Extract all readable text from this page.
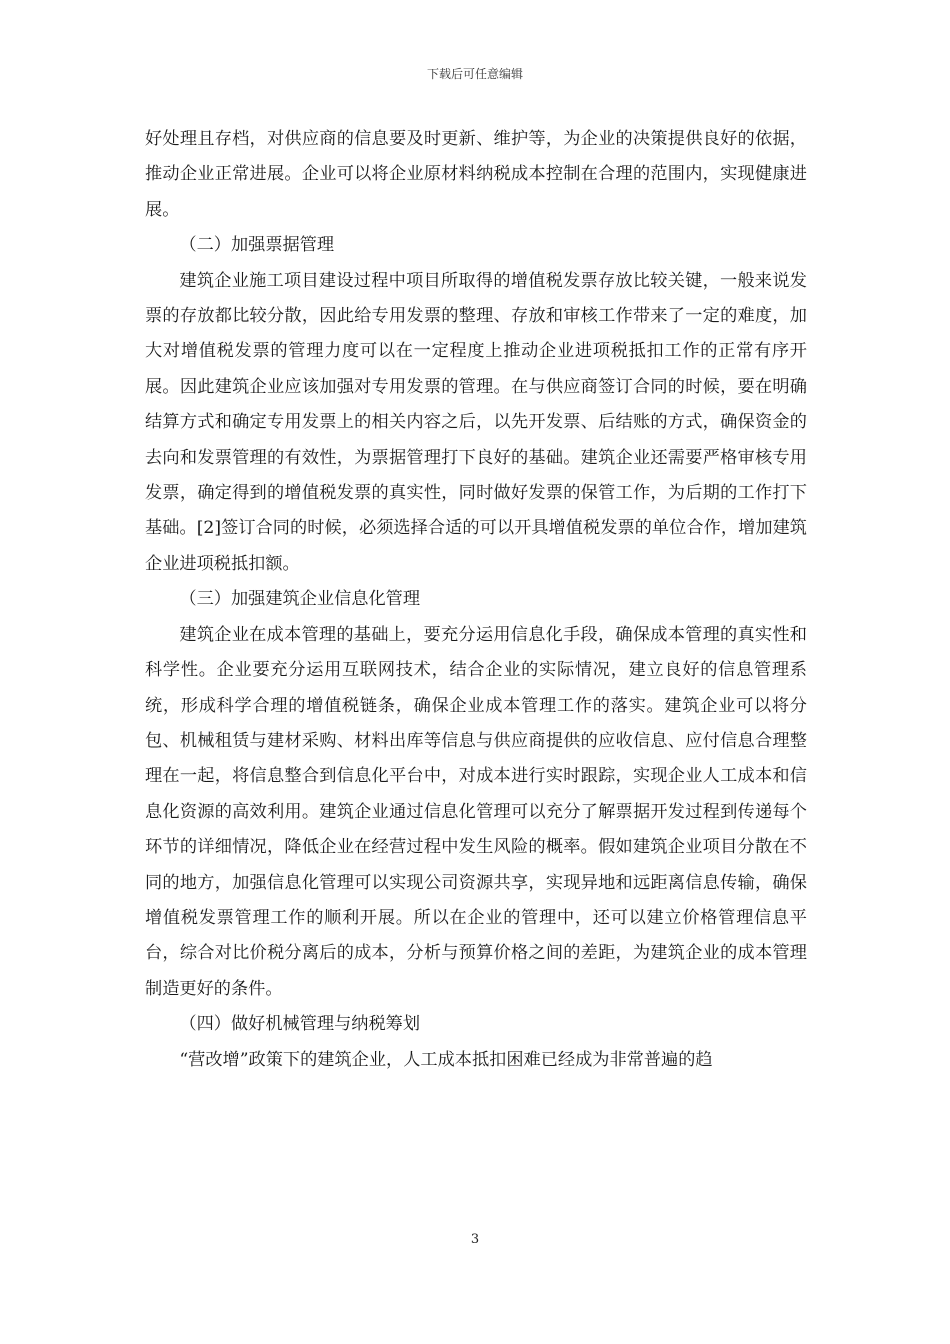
下载后可任意编辑

好处理且存档，对供应商的信息要及时更新、维护等，为企业的决策提供良好的依据，推动企业正常进展。企业可以将企业原材料纳税成本控制在合理的范围内，实现健康进展。

（二）加强票据管理

建筑企业施工项目建设过程中项目所取得的增值税发票存放比较关键，一般来说发票的存放都比较分散，因此给专用发票的整理、存放和审核工作带来了一定的难度，加大对增值税发票的管理力度可以在一定程度上推动企业进项税抵扣工作的正常有序开展。因此建筑企业应该加强对专用发票的管理。在与供应商签订合同的时候，要在明确结算方式和确定专用发票上的相关内容之后，以先开发票、后结账的方式，确保资金的去向和发票管理的有效性，为票据管理打下良好的基础。建筑企业还需要严格审核专用发票，确定得到的增值税发票的真实性，同时做好发票的保管工作，为后期的工作打下基础。[2]签订合同的时候，必须选择合适的可以开具增值税发票的单位合作，增加建筑企业进项税抵扣额。

（三）加强建筑企业信息化管理

建筑企业在成本管理的基础上，要充分运用信息化手段，确保成本管理的真实性和科学性。企业要充分运用互联网技术，结合企业的实际情况，建立良好的信息管理系统，形成科学合理的增值税链条，确保企业成本管理工作的落实。建筑企业可以将分包、机械租赁与建材采购、材料出库等信息与供应商提供的应收信息、应付信息合理整理在一起，将信息整合到信息化平台中，对成本进行实时跟踪，实现企业人工成本和信息化资源的高效利用。建筑企业通过信息化管理可以充分了解票据开发过程到传递每个环节的详细情况，降低企业在经营过程中发生风险的概率。假如建筑企业项目分散在不同的地方，加强信息化管理可以实现公司资源共享，实现异地和远距离信息传输，确保增值税发票管理工作的顺利开展。所以在企业的管理中，还可以建立价格管理信息平台，综合对比价税分离后的成本，分析与预算价格之间的差距，为建筑企业的成本管理制造更好的条件。

（四）做好机械管理与纳税筹划

“营改增”政策下的建筑企业，人工成本抵扣困难已经成为非常普遍的趋

3
